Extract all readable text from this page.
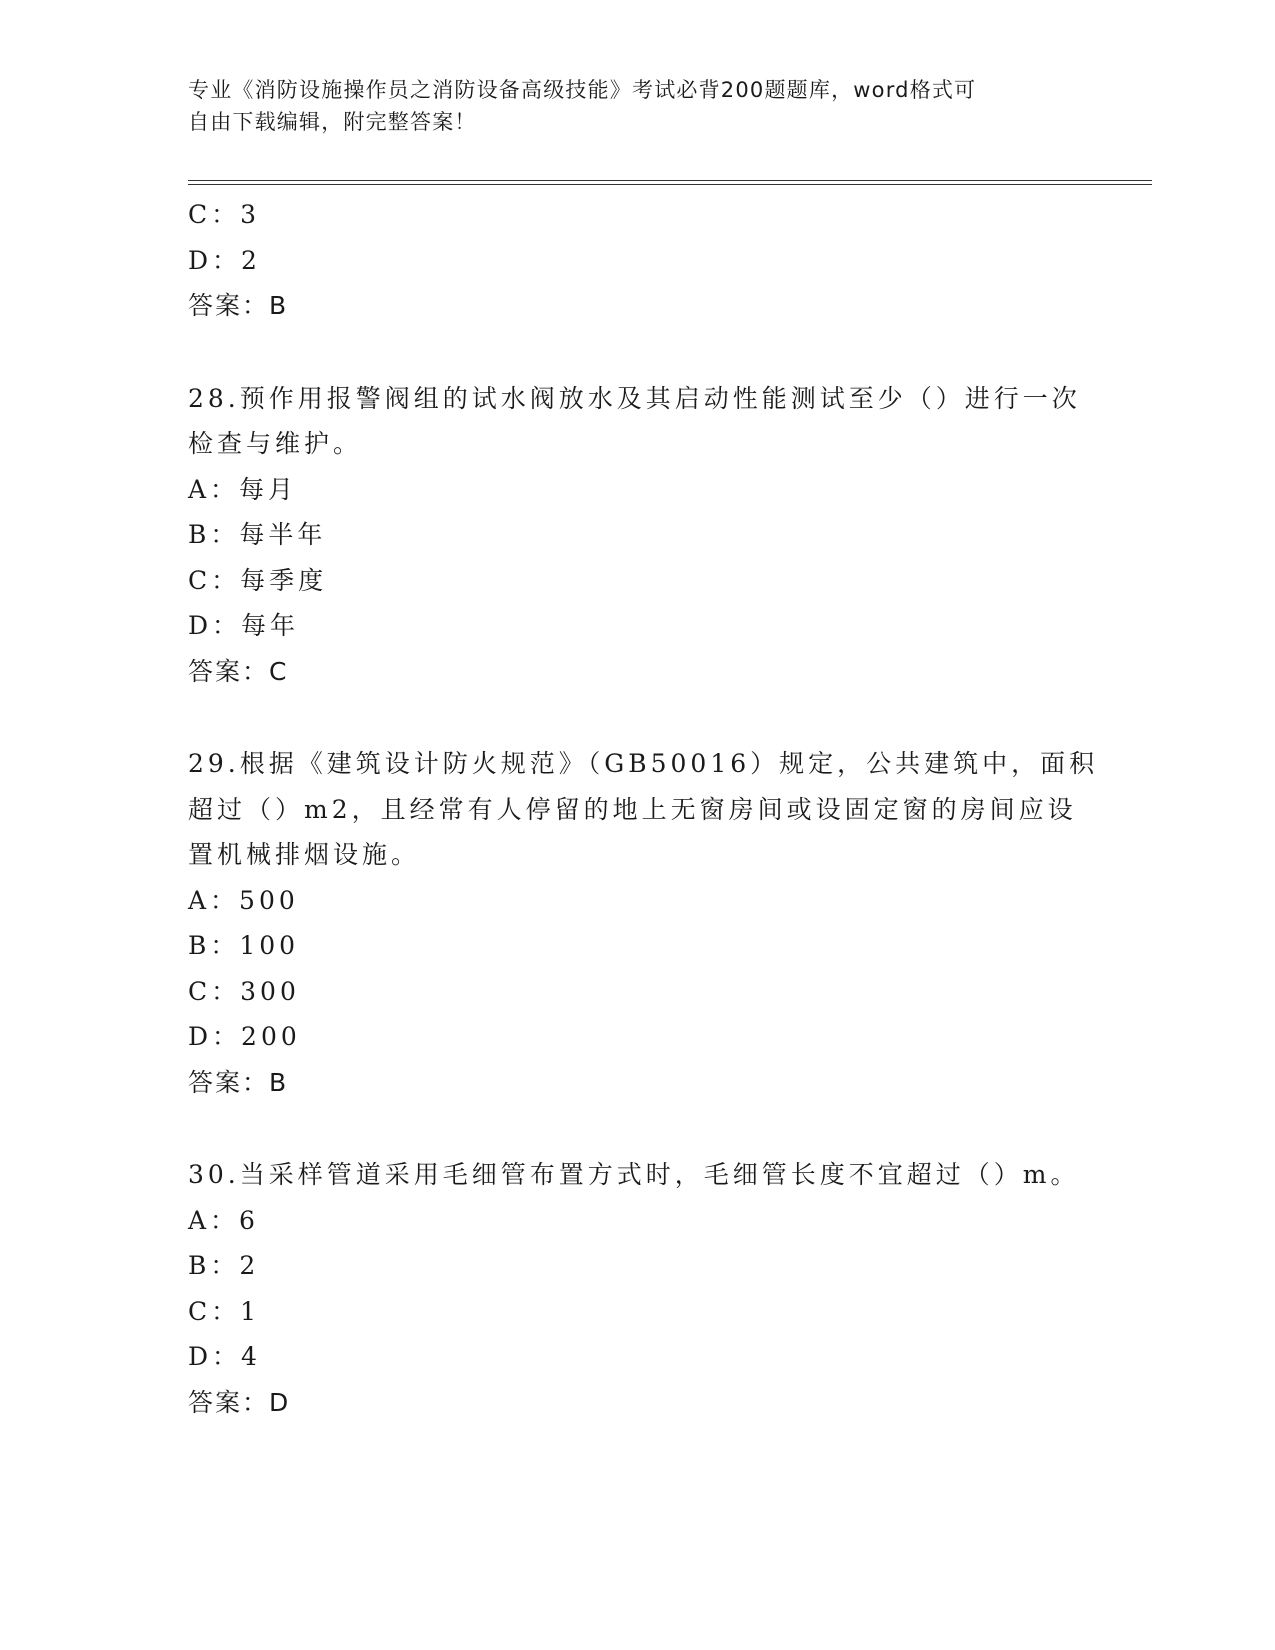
专业《消防设施操作员之消防设备高级技能》考试必背200题题库，word格式可
自由下载编辑，附完整答案！
C：3
D：2
答案：B
28.预作用报警阀组的试水阀放水及其启动性能测试至少（）进行一次
检查与维护。
A：每月
B：每半年
C：每季度
D：每年
答案：C
29.根据《建筑设计防火规范》（GB50016）规定，公共建筑中，面积
超过（）m2，且经常有人停留的地上无窗房间或设固定窗的房间应设
置机械排烟设施。
A：500
B：100
C：300
D：200
答案：B
30.当采样管道采用毛细管布置方式时，毛细管长度不宜超过（）m。
A：6
B：2
C：1
D：4
答案：D
